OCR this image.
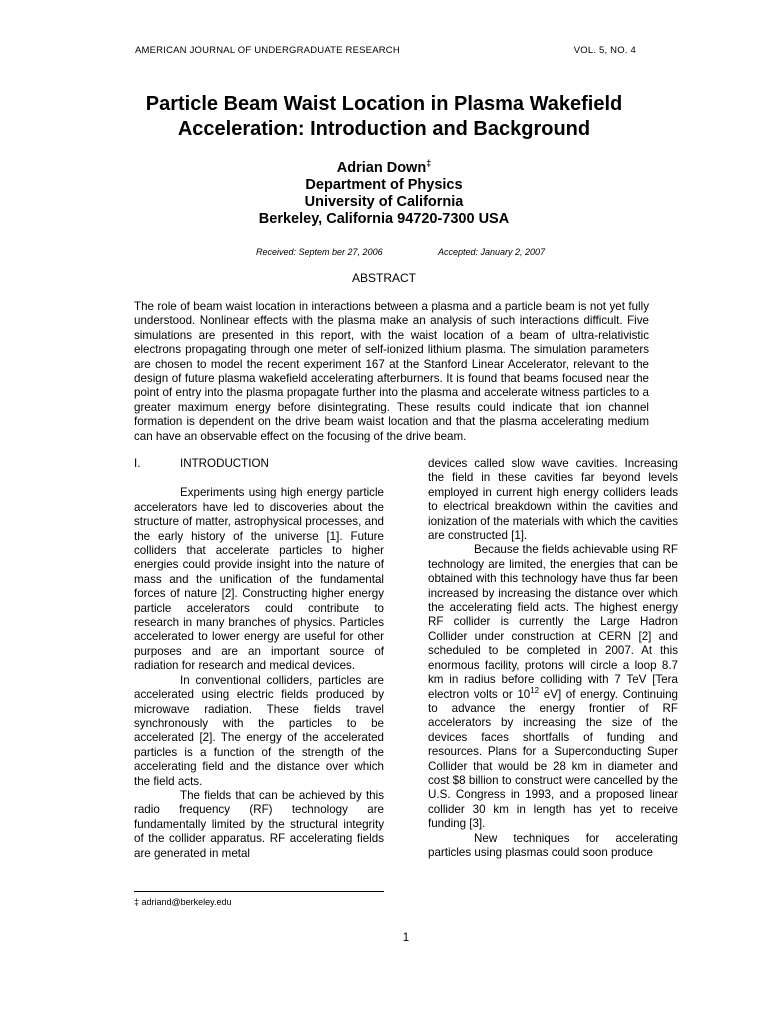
AMERICAN JOURNAL OF UNDERGRADUATE RESEARCH	VOL. 5, NO. 4
Particle Beam Waist Location in Plasma Wakefield
Acceleration: Introduction and Background
Adrian Down‡
Department of Physics
University of California
Berkeley, California 94720-7300 USA
Received: Septem ber 27, 2006	Accepted: January 2, 2007
ABSTRACT

The role of beam waist location in interactions between a plasma and a particle beam is not yet fully understood. Nonlinear effects with the plasma make an analysis of such interactions difficult. Five simulations are presented in this report, with the waist location of a beam of ultra-relativistic electrons propagating through one meter of self-ionized lithium plasma. The simulation parameters are chosen to model the recent experiment 167 at the Stanford Linear Accelerator, relevant to the design of future plasma wakefield accelerating afterburners. It is found that beams focused near the point of entry into the plasma propagate further into the plasma and accelerate witness particles to a greater maximum energy before disintegrating. These results could indicate that ion channel formation is dependent on the drive beam waist location and that the plasma accelerating medium can have an observable effect on the focusing of the drive beam.

I.	INTRODUCTION

Experiments using high energy particle accelerators have led to discoveries about the structure of matter, astrophysical processes, and the early history of the universe [1]. Future colliders that accelerate particles to higher energies could provide insight into the nature of mass and the unification of the fundamental forces of nature [2]. Constructing higher energy particle accelerators could contribute to research in many branches of physics. Particles accelerated to lower energy are useful for other purposes and are an important source of radiation for research and medical devices.

In conventional colliders, particles are accelerated using electric fields produced by microwave radiation. These fields travel synchronously with the particles to be accelerated [2]. The energy of the accelerated particles is a function of the strength of the accelerating field and the distance over which the field acts.

The fields that can be achieved by this radio frequency (RF) technology are fundamentally limited by the structural integrity of the collider apparatus. RF accelerating fields are generated in metal

devices called slow wave cavities. Increasing the field in these cavities far beyond levels employed in current high energy colliders leads to electrical breakdown within the cavities and ionization of the materials with which the cavities are constructed [1].

Because the fields achievable using RF technology are limited, the energies that can be obtained with this technology have thus far been increased by increasing the distance over which the accelerating field acts. The highest energy RF collider is currently the Large Hadron Collider under construction at CERN [2] and scheduled to be completed in 2007. At this enormous facility, protons will circle a loop 8.7 km in radius before colliding with 7 TeV [Tera electron volts or $10^{12}$ eV] of energy. Continuing to advance the energy frontier of RF accelerators by increasing the size of the devices faces shortfalls of funding and resources. Plans for a Superconducting Super Collider that would be 28 km in diameter and cost $8 billion to construct were cancelled by the U.S. Congress in 1993, and a proposed linear collider 30 km in length has yet to receive funding [3].

New techniques for accelerating particles using plasmas could soon produce

‡ adriand@berkeley.edu
1
